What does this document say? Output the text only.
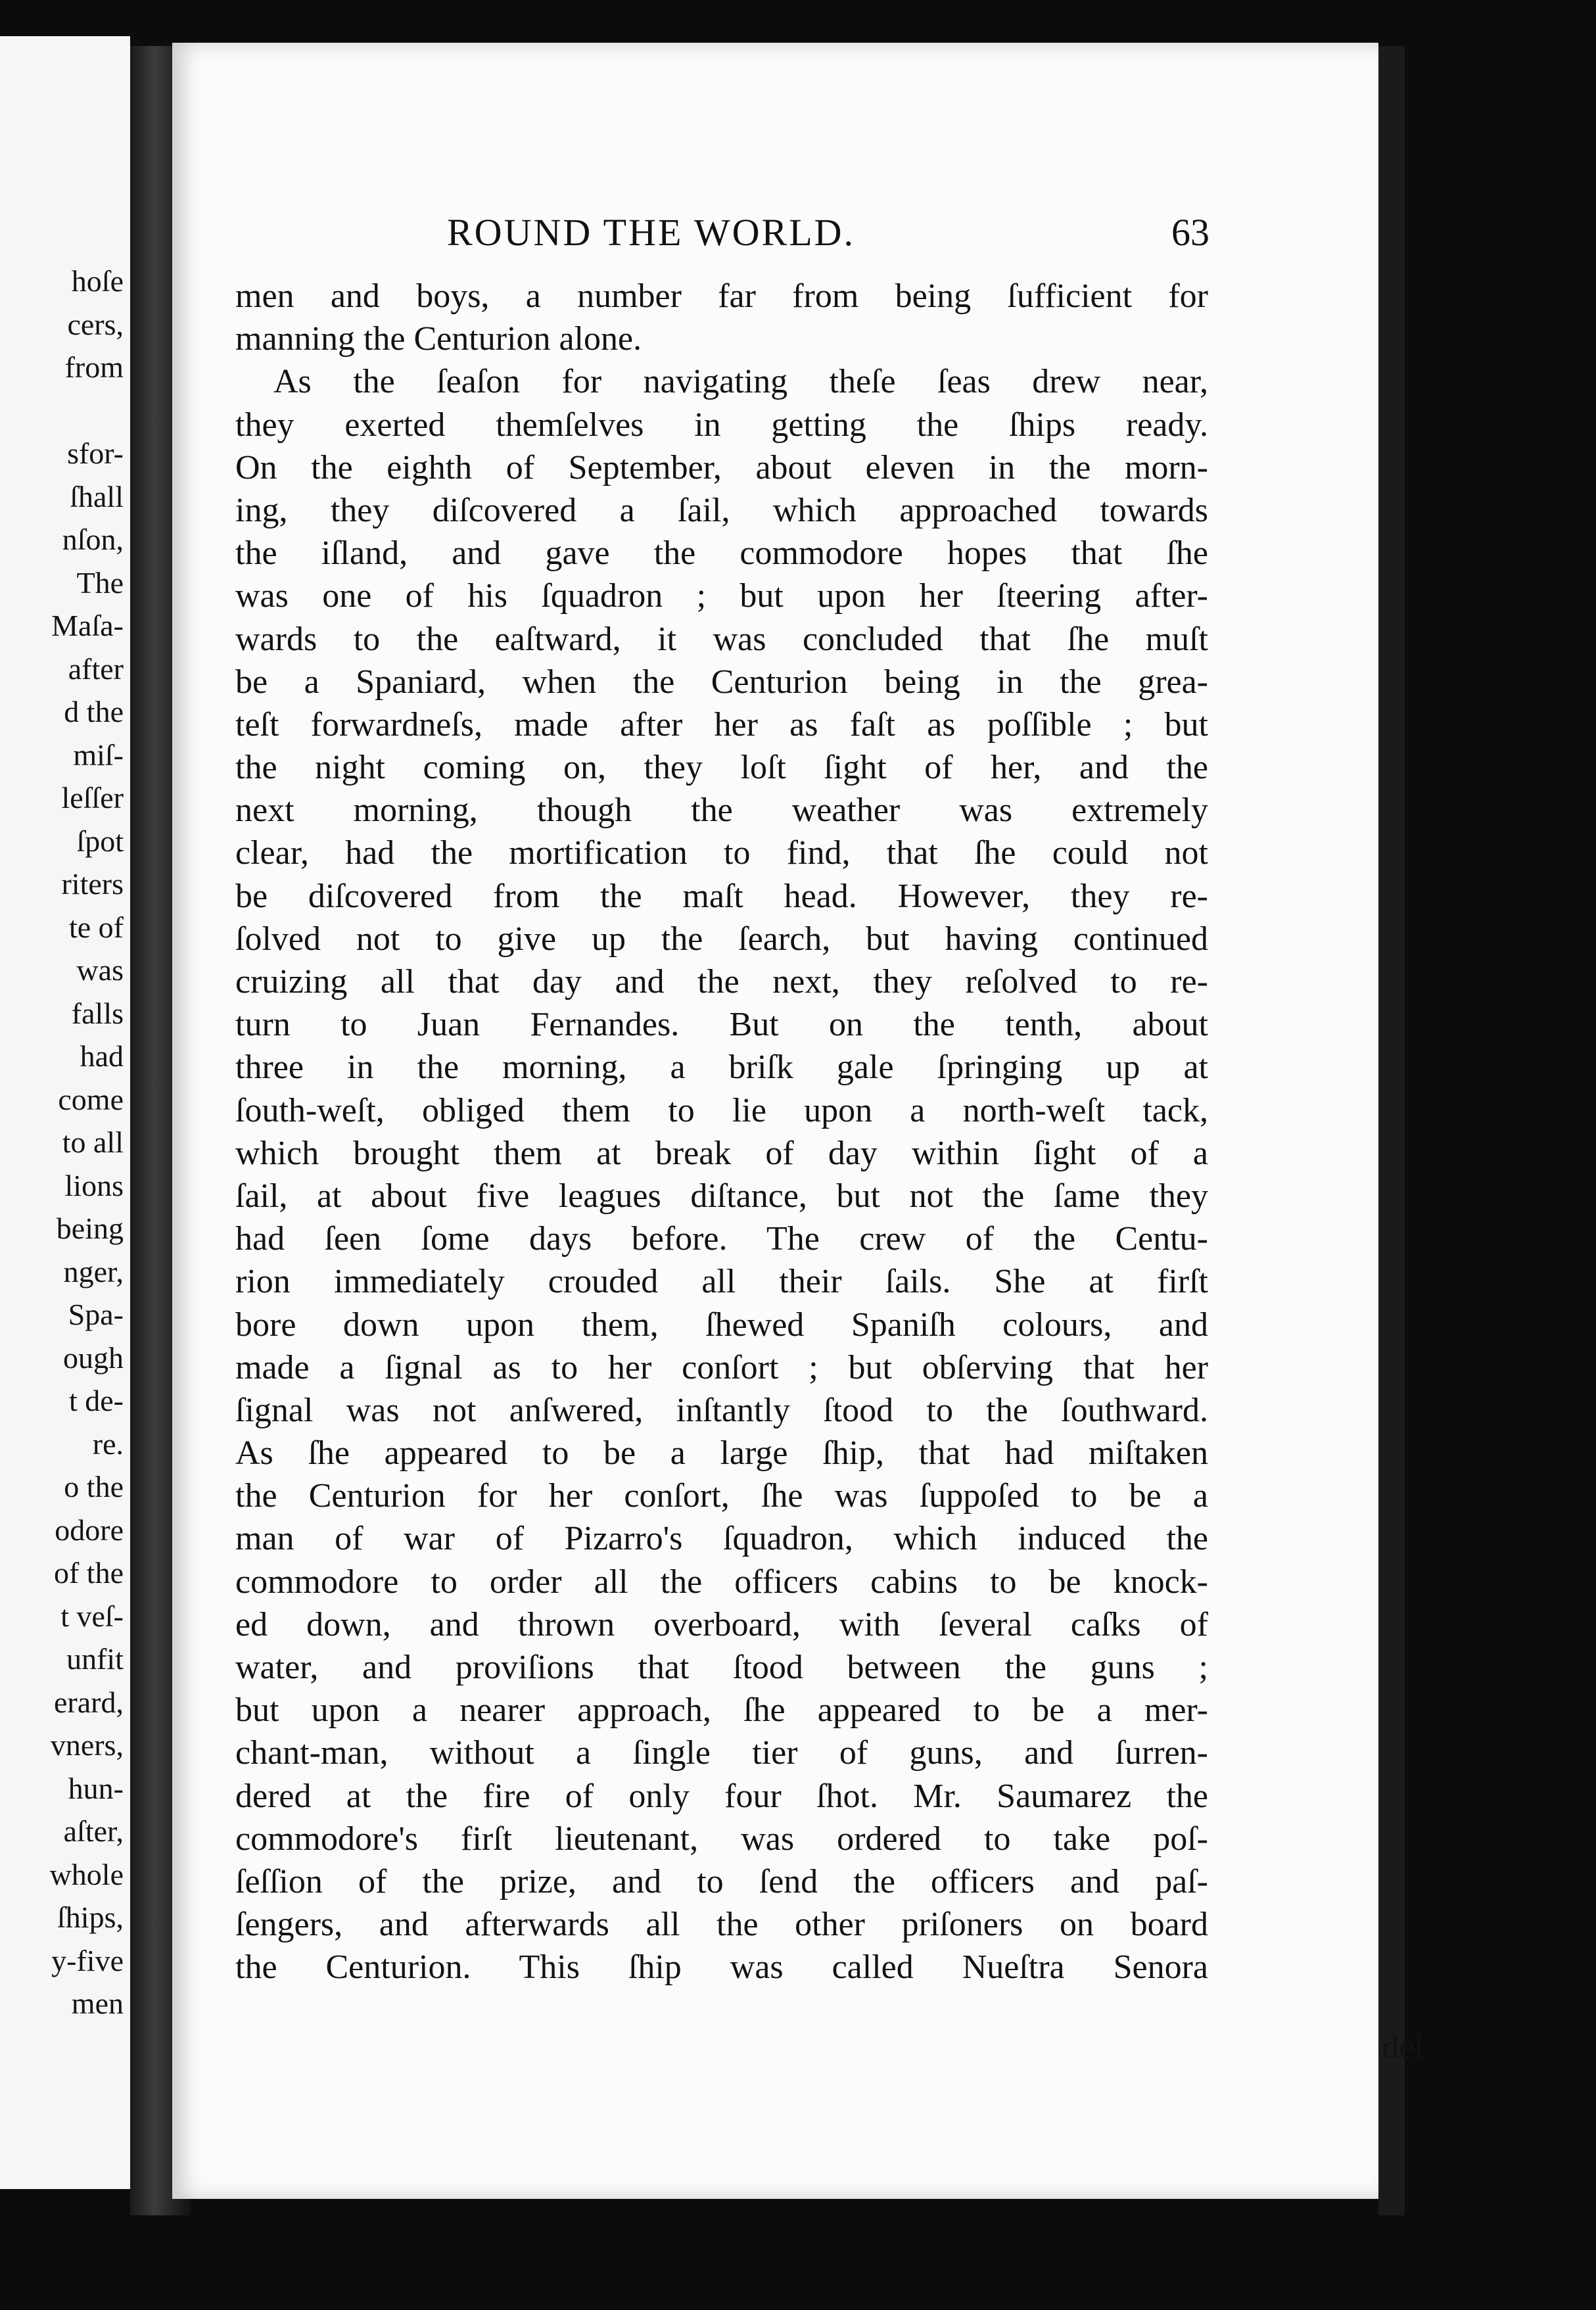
hoſe
cers,
from
sfor-
ſhall
nſon,
The
Maſa-
after
d the
miſ-
leſſer
ſpot
riters
te of
was
falls
had
come
to all
lions
being
nger,
Spa-
ough
t de-
re.
o the
odore
of the
t veſ-
unfit
erard,
vners,
hun-
aſter,
whole
ſhips,
y-five
men
ROUND THE WORLD.	63
men and boys, a number far from being ſufficient for
manning the Centurion alone.
As the ſeaſon for navigating theſe ſeas drew near,
they exerted themſelves in getting the ſhips ready.
On the eighth of September, about eleven in the morn-
ing, they diſcovered a ſail, which approached towards
the iſland, and gave the commodore hopes that ſhe
was one of his ſquadron ; but upon her ſteering after-
wards to the eaſtward, it was concluded that ſhe muſt
be a Spaniard, when the Centurion being in the grea-
teſt forwardneſs, made after her as faſt as poſſible ; but
the night coming on, they loſt ſight of her, and the
next morning, though the weather was extremely
clear, had the mortification to find, that ſhe could not
be diſcovered from the maſt head. However, they re-
ſolved not to give up the ſearch, but having continued
cruizing all that day and the next, they reſolved to re-
turn to Juan Fernandes. But on the tenth, about
three in the morning, a briſk gale ſpringing up at
ſouth-weſt, obliged them to lie upon a north-weſt tack,
which brought them at break of day within ſight of a
ſail, at about five leagues diſtance, but not the ſame they
had ſeen ſome days before. The crew of the Centu-
rion immediately crouded all their ſails. She at firſt
bore down upon them, ſhewed Spaniſh colours, and
made a ſignal as to her conſort ; but obſerving that her
ſignal was not anſwered, inſtantly ſtood to the ſouthward.
As ſhe appeared to be a large ſhip, that had miſtaken
the Centurion for her conſort, ſhe was ſuppoſed to be a
man of war of Pizarro's ſquadron, which induced the
commodore to order all the officers cabins to be knock-
ed down, and thrown overboard, with ſeveral caſks of
water, and proviſions that ſtood between the guns ;
but upon a nearer approach, ſhe appeared to be a mer-
chant-man, without a ſingle tier of guns, and ſurren-
dered at the fire of only four ſhot. Mr. Saumarez the
commodore's firſt lieutenant, was ordered to take poſ-
ſeſſion of the prize, and to ſend the officers and paſ-
ſengers, and afterwards all the other priſoners on board
the Centurion. This ſhip was called Nueſtra Senora
del
